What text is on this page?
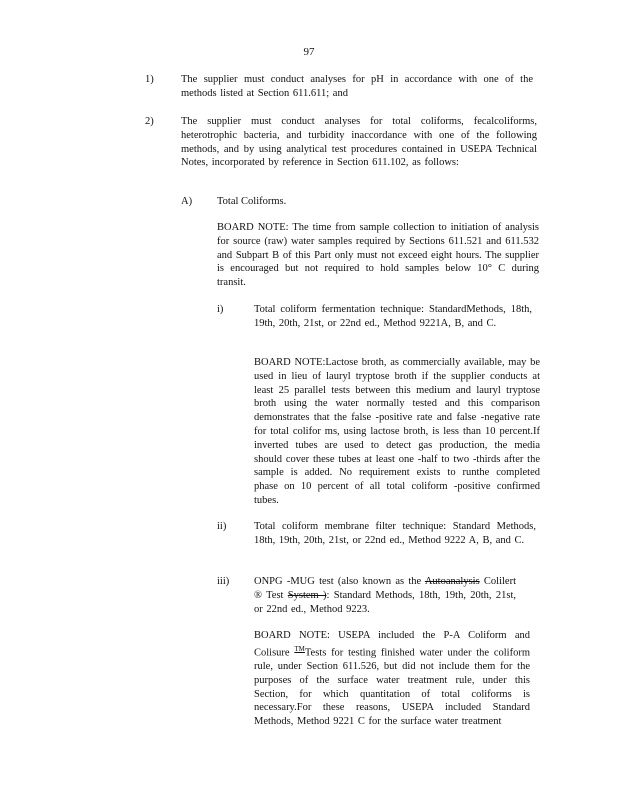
97
1)	The supplier must conduct analyses for pH in accordance with one of the methods listed at Section 611.611; and
2)	The supplier must conduct analyses for total coliforms, fecalcoliforms, heterotrophic bacteria, and turbidity inaccordance with one of the following methods, and by using analytical test procedures contained in USEPA Technical Notes, incorporated by reference in Section 611.102, as follows:
A) Total Coliforms.
BOARD NOTE: The time from sample collection to initiation of analysis for source (raw) water samples required by Sections 611.521 and 611.532 and Subpart B of this Part only must not exceed eight hours. The supplier is encouraged but not required to hold samples below 10° C during transit.
i)	Total coliform fermentation technique: StandardMethods, 18th, 19th, 20th, 21st, or 22nd ed., Method 9221A, B, and C.
BOARD NOTE:Lactose broth, as commercially available, may be used in lieu of lauryl tryptose broth if the supplier conducts at least 25 parallel tests between this medium and lauryl tryptose broth using the water normally tested and this comparison demonstrates that the false -positive rate and false -negative rate for total colifor ms, using lactose broth, is less than 10 percent.If inverted tubes are used to detect gas production, the media should cover these tubes at least one -half to two -thirds after the sample is added. No requirement exists to runthe completed phase on 10 percent of all total coliform -positive confirmed tubes.
ii)	Total coliform membrane filter technique: Standard Methods, 18th, 19th, 20th, 21st, or 22nd ed., Method 9222 A, B, and C.
iii) ONPG -MUG test (also known as the Autoanalysis Colilert ® Test System ): Standard Methods, 18th, 19th, 20th, 21st, or 22nd ed., Method 9223.
BOARD NOTE: USEPA included the P-A Coliform and Colisure ™Tests for testing finished water under the coliform rule, under Section 611.526, but did not include them for the purposes of the surface water treatment rule, under this Section, for which quantitation of total coliforms is necessary.For these reasons, USEPA included Standard Methods, Method 9221 C for the surface water treatment
